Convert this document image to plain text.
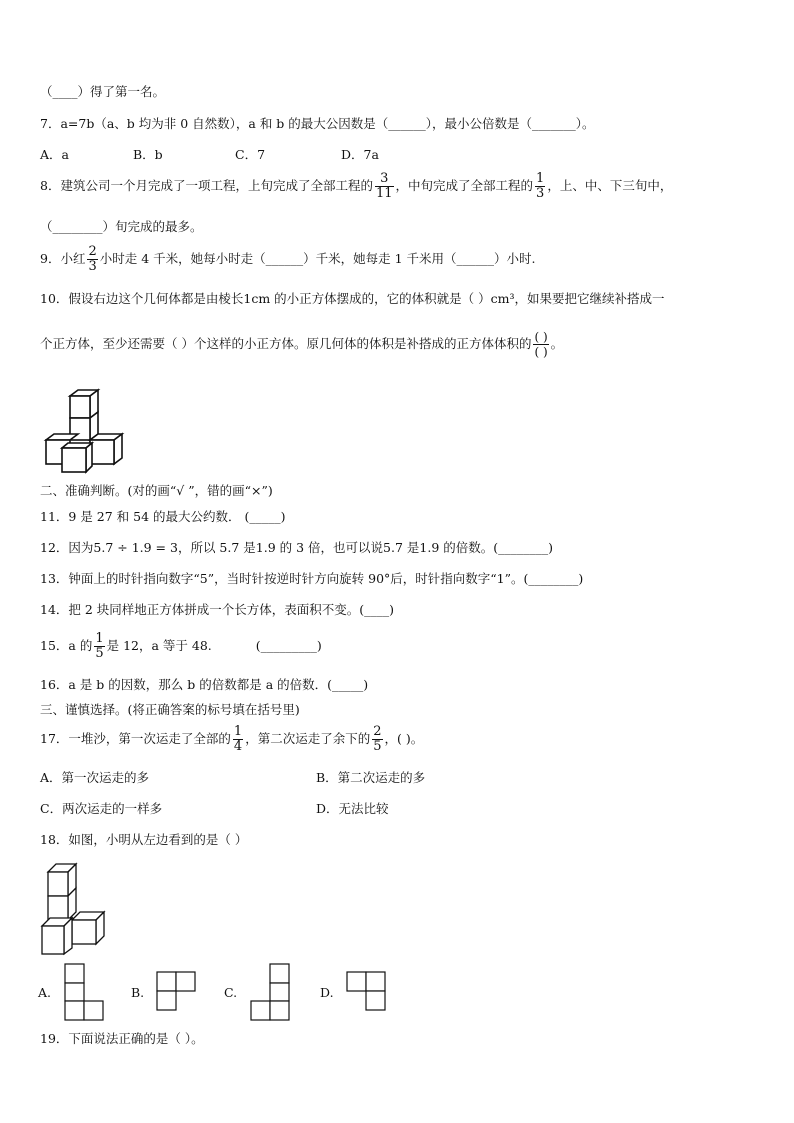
（____）得了第一名。
7．a=7b（a、b 均为非 0 自然数），a 和 b 的最大公因数是（______），最小公倍数是（_______）。
A．a	B．b	C．7	D．7a
8．建筑公司一个月完成了一项工程，上旬完成了全部工程的 $\frac{3}{11}$ ，中旬完成了全部工程的 $\frac{1}{3}$ ，上、中、下三旬中，
（________）旬完成的最多。
9．小红 $\frac{2}{3}$ 小时走 4 千米，她每小时走（______）千米，她每走 1 千米用（______）小时.
10．假设右边这个几何体都是由棱长1cm 的小正方体摆成的，它的体积就是（ ）cm³，如果要把它继续补搭成一
个正方体，至少还需要（ ）个这样的小正方体。原几何体的体积是补搭成的正方体体积的 $\frac{( )}{( )}$ 。
二、准确判断。(对的画“√ ”，错的画“×”)
11．9 是 27 和 54 的最大公约数． (_____)
12．因为5.7 ÷ 1.9 = 3，所以 5.7 是1.9 的 3 倍，也可以说5.7 是1.9 的倍数。(________)
13．钟面上的时针指向数字“5”，当时针按逆时针方向旋转 90°后，时针指向数字“1”。(________)
14．把 2 块同样地正方体拼成一个长方体，表面积不变。(____)
15．a 的 $\frac{1}{5}$ 是 12，a 等于 48.	(_________)
16．a 是 b 的因数，那么 b 的倍数都是 a 的倍数．(_____)
三、谨慎选择。(将正确答案的标号填在括号里)
17．一堆沙，第一次运走了全部的 $\frac{1}{4}$ ，第二次运走了余下的 $\frac{2}{5}$ ，( )。
A．第一次运走的多	B．第二次运走的多
C．两次运走的一样多	D．无法比较
18．如图，小明从左边看到的是（ ）
A.	B.	C.	D.
19．下面说法正确的是（ ）。
